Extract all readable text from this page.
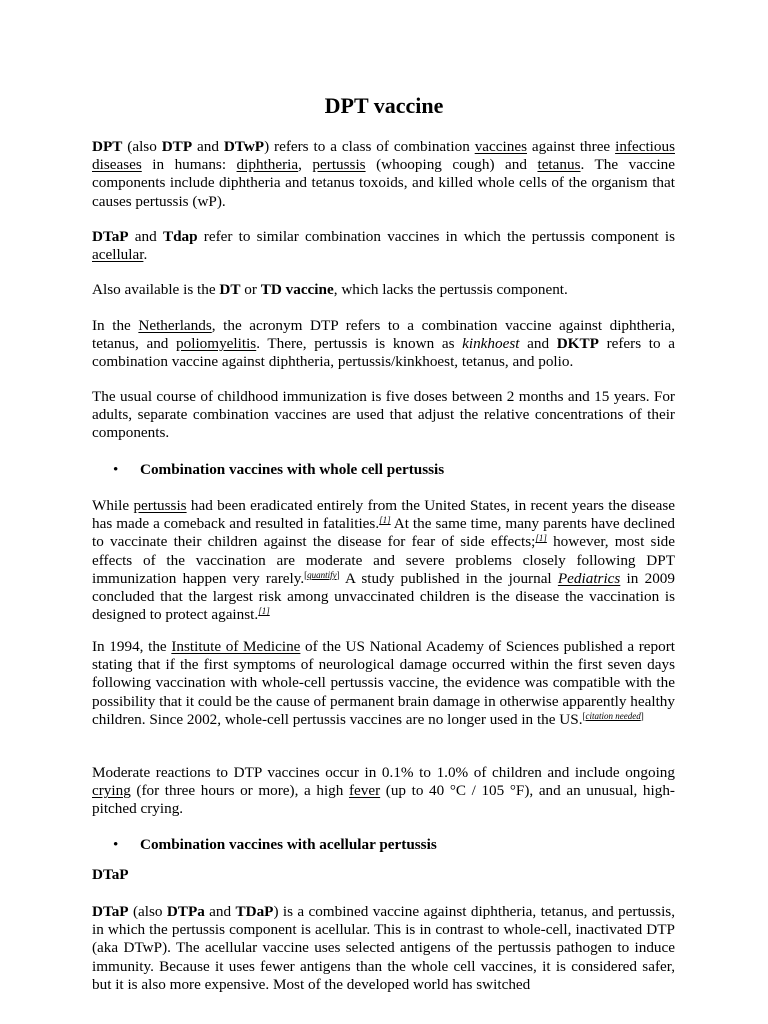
DPT vaccine

DPT (also DTP and DTwP) refers to a class of combination vaccines against three infectious diseases in humans: diphtheria, pertussis (whooping cough) and tetanus. The vaccine components include diphtheria and tetanus toxoids, and killed whole cells of the organism that causes pertussis (wP).

DTaP and Tdap refer to similar combination vaccines in which the pertussis component is acellular.

Also available is the DT or TD vaccine, which lacks the pertussis component.

In the Netherlands, the acronym DTP refers to a combination vaccine against diphtheria, tetanus, and poliomyelitis. There, pertussis is known as kinkhoest and DKTP refers to a combination vaccine against diphtheria, pertussis/kinkhoest, tetanus, and polio.

The usual course of childhood immunization is five doses between 2 months and 15 years. For adults, separate combination vaccines are used that adjust the relative concentrations of their components.

• Combination vaccines with whole cell pertussis

While pertussis had been eradicated entirely from the United States, in recent years the disease has made a comeback and resulted in fatalities.[1] At the same time, many parents have declined to vaccinate their children against the disease for fear of side effects;[1] however, most side effects of the vaccination are moderate and severe problems closely following DPT immunization happen very rarely.[quantify] A study published in the journal Pediatrics in 2009 concluded that the largest risk among unvaccinated children is the disease the vaccination is designed to protect against.[1]

In 1994, the Institute of Medicine of the US National Academy of Sciences published a report stating that if the first symptoms of neurological damage occurred within the first seven days following vaccination with whole-cell pertussis vaccine, the evidence was compatible with the possibility that it could be the cause of permanent brain damage in otherwise apparently healthy children. Since 2002, whole-cell pertussis vaccines are no longer used in the US.[citation needed]

Moderate reactions to DTP vaccines occur in 0.1% to 1.0% of children and include ongoing crying (for three hours or more), a high fever (up to 40 °C / 105 °F), and an unusual, high-pitched crying.

• Combination vaccines with acellular pertussis

DTaP

DTaP (also DTPa and TDaP) is a combined vaccine against diphtheria, tetanus, and pertussis, in which the pertussis component is acellular. This is in contrast to whole-cell, inactivated DTP (aka DTwP). The acellular vaccine uses selected antigens of the pertussis pathogen to induce immunity. Because it uses fewer antigens than the whole cell vaccines, it is considered safer, but it is also more expensive. Most of the developed world has switched
